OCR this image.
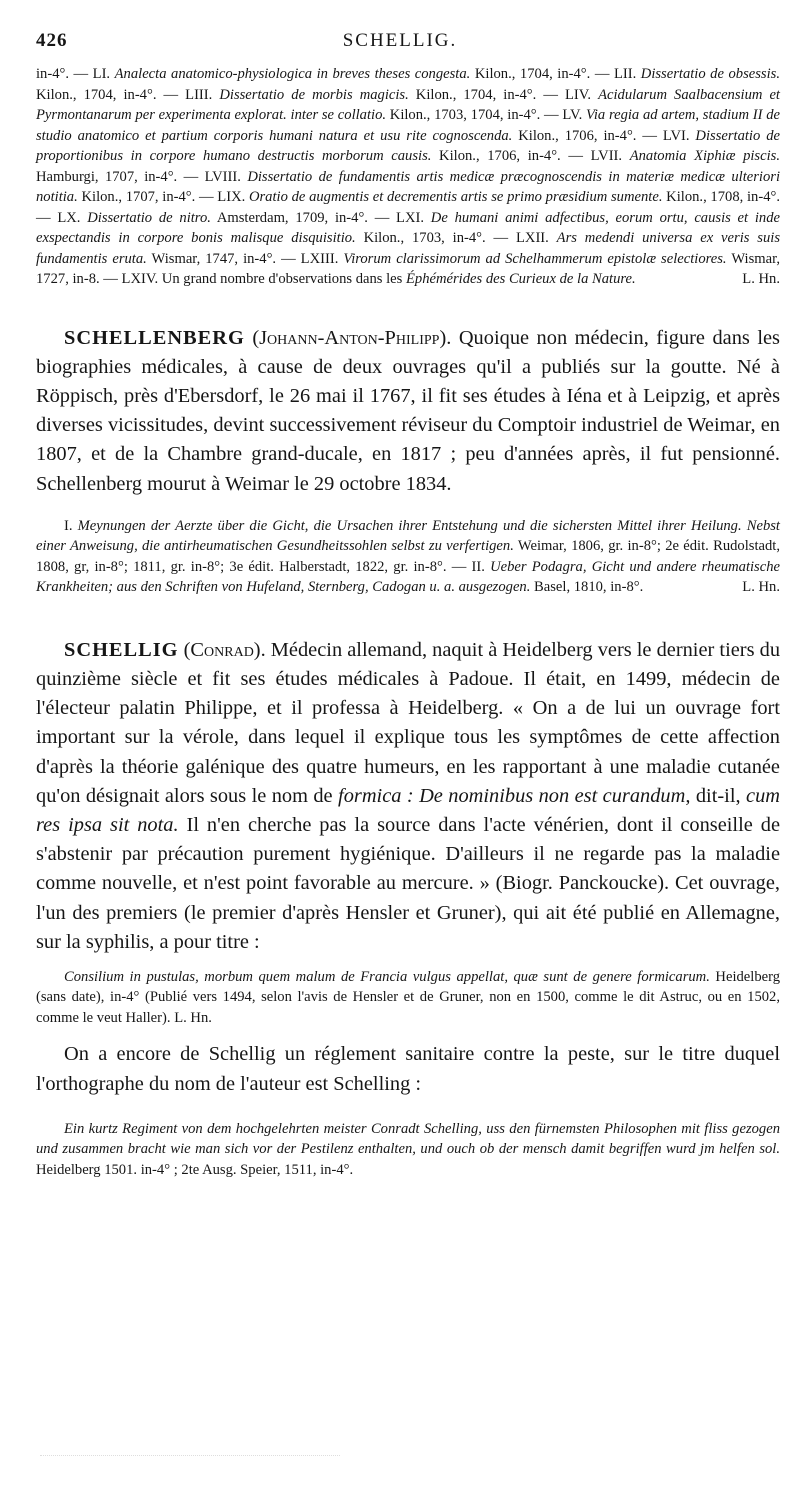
426	SCHELLIG.

in-4°. — LI. Analecta anatomico-physiologica in breves theses congesta. Kilon., 1704, in-4°. — LII. Dissertatio de obsessis. Kilon., 1704, in-4°. — LIII. Dissertatio de morbis magicis. Kilon., 1704, in-4°. — LIV. Acidularum Saalbacensium et Pyrmontanarum per experimenta explorat. inter se collatio. Kilon., 1703, 1704, in-4°. — LV. Via regia ad artem, stadium II de studio anatomico et partium corporis humani natura et usu rite cognoscenda. Kilon., 1706, in-4°. — LVI. Dissertatio de proportionibus in corpore humano destructis morborum causis. Kilon., 1706, in-4°. — LVII. Anatomia Xiphiæ piscis. Hamburgi, 1707, in-4°. — LVIII. Dissertatio de fundamentis artis medicæ præcognoscendis in materiæ medicæ ulteriori notitia. Kilon., 1707, in-4°. — LIX. Oratio de augmentis et decrementis artis se primo præsidium sumente. Kilon., 1708, in-4°. — LX. Dissertatio de nitro. Amsterdam, 1709, in-4°. — LXI. De humani animi adfectibus, eorum ortu, causis et inde exspectandis in corpore bonis malisque disquisitio. Kilon., 1703, in-4°. — LXII. Ars medendi universa ex veris suis fundamentis eruta. Wismar, 1747, in-4°. — LXIII. Virorum clarissimorum ad Schelhammerum epistolæ selectiores. Wismar, 1727, in-8. — LXIV. Un grand nombre d'observations dans les Éphémérides des Curieux de la Nature.	L. Hn.

SCHELLENBERG (Johann-Anton-Philipp). Quoique non médecin, figure dans les biographies médicales, à cause de deux ouvrages qu'il a publiés sur la goutte. Né à Röppisch, près d'Ebersdorf, le 26 mai il 1767, il fit ses études à Iéna et à Leipzig, et après diverses vicissitudes, devint successivement réviseur du Comptoir industriel de Weimar, en 1807, et de la Chambre grand-ducale, en 1817 ; peu d'années après, il fut pensionné. Schellenberg mourut à Weimar le 29 octobre 1834.

I. Meynungen der Aerzte über die Gicht, die Ursachen ihrer Entstehung und die sichersten Mittel ihrer Heilung. Nebst einer Anweisung, die antirheumatischen Gesundheitssohlen selbst zu verfertigen. Weimar, 1806, gr. in-8°; 2e édit. Rudolstadt, 1808, gr, in-8°; 1811, gr. in-8°; 3e édit. Halberstadt, 1822, gr. in-8°. — II. Ueber Podagra, Gicht und andere rheumatische Krankheiten; aus den Schriften von Hufeland, Sternberg, Cadogan u. a. ausgezogen. Basel, 1810, in-8°.	L. Hn.

SCHELLIG (Conrad). Médecin allemand, naquit à Heidelberg vers le dernier tiers du quinzième siècle et fit ses études médicales à Padoue. Il était, en 1499, médecin de l'électeur palatin Philippe, et il professa à Heidelberg. « On a de lui un ouvrage fort important sur la vérole, dans lequel il explique tous les symptômes de cette affection d'après la théorie galénique des quatre humeurs, en les rapportant à une maladie cutanée qu'on désignait alors sous le nom de formica : De nominibus non est curandum, dit-il, cum res ipsa sit nota. Il n'en cherche pas la source dans l'acte vénérien, dont il conseille de s'abstenir par précaution purement hygiénique. D'ailleurs il ne regarde pas la maladie comme nouvelle, et n'est point favorable au mercure. » (Biogr. Panckoucke). Cet ouvrage, l'un des premiers (le premier d'après Hensler et Gruner), qui ait été publié en Allemagne, sur la syphilis, a pour titre :

Consilium in pustulas, morbum quem malum de Francia vulgus appellat, quæ sunt de genere formicarum. Heidelberg (sans date), in-4° (Publié vers 1494, selon l'avis de Hensler et de Gruner, non en 1500, comme le dit Astruc, ou en 1502, comme le veut Haller). L. Hn.

On a encore de Schellig un réglement sanitaire contre la peste, sur le titre duquel l'orthographe du nom de l'auteur est Schelling :

Ein kurtz Regiment von dem hochgelehrten meister Conradt Schelling, uss den fürnemsten Philosophen mit fliss gezogen und zusammen bracht wie man sich vor der Pestilenz enthalten, und ouch ob der mensch damit begriffen wurd jm helfen sol. Heidelberg 1501. in-4° ; 2te Ausg. Speier, 1511, in-4°.
